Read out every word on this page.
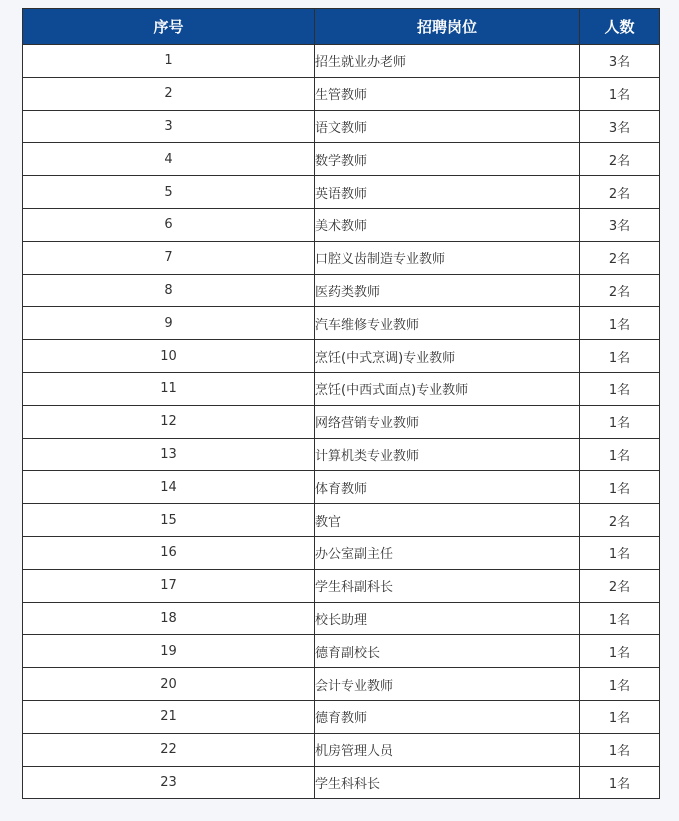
序号	招聘岗位	人数
1	招生就业办老师	3名
2	生管教师	1名
3	语文教师	3名
4	数学教师	2名
5	英语教师	2名
6	美术教师	3名
7	口腔义齿制造专业教师	2名
8	医药类教师	2名
9	汽车维修专业教师	1名
10	烹饪(中式烹调)专业教师	1名
11	烹饪(中西式面点)专业教师	1名
12	网络营销专业教师	1名
13	计算机类专业教师	1名
14	体育教师	1名
15	教官	2名
16	办公室副主任	1名
17	学生科副科长	2名
18	校长助理	1名
19	德育副校长	1名
20	会计专业教师	1名
21	德育教师	1名
22	机房管理人员	1名
23	学生科科长	1名
